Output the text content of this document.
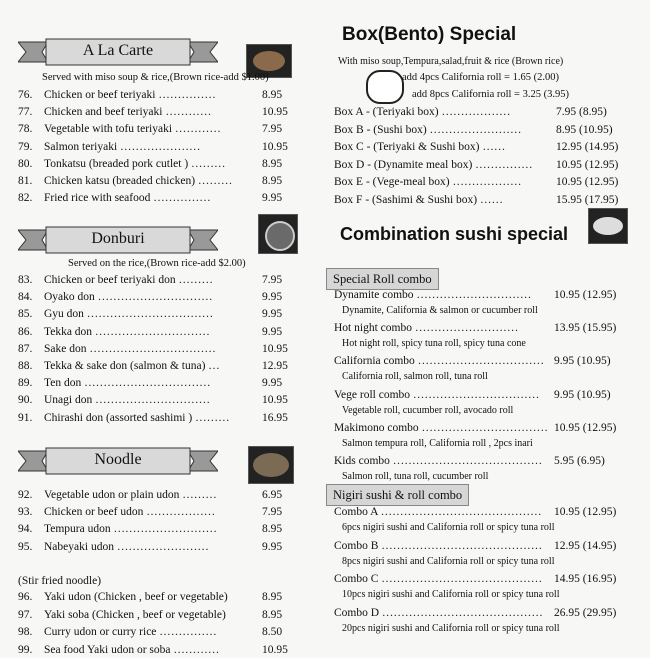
A La Carte
Served with miso soup & rice,(Brown rice-add $1.00)
76. Chicken or beef teriyaki ……………	8.95
77. Chicken and beef teriyaki …………	10.95
78. Vegetable with tofu teriyaki …………	7.95
79. Salmon teriyaki …………………	10.95
80. Tonkatsu (breaded pork cutlet ) ………	8.95
81. Chicken katsu (breaded chicken) ………	8.95
82. Fried rice with seafood ……………	9.95
Donburi
Served on the rice,(Brown rice-add $2.00)
83. Chicken or beef teriyaki don ………	7.95
84. Oyako don …………………………	9.95
85. Gyu don ……………………………	9.95
86. Tekka don …………………………	9.95
87. Sake don ……………………………	10.95
88. Tekka & sake don (salmon & tuna) …	12.95
89. Ten don ……………………………	9.95
90. Unagi don …………………………	10.95
91. Chirashi don (assorted sashimi ) ………	16.95
Noodle
92. Vegetable udon or plain udon ………	6.95
93. Chicken or beef udon ………………	7.95
94. Tempura udon ………………………	8.95
95. Nabeyaki udon ……………………	9.95
(Stir fried noodle)
96. Yaki udon (Chicken , beef or vegetable)	8.95
97. Yaki soba (Chicken , beef or vegetable)	8.95
98. Curry udon or curry rice ……………	8.50
99. Sea food Yaki udon or soba …………	10.95
Box(Bento) Special
With miso soup,Tempura,salad,fruit & rice (Brown rice)
add 4pcs California roll = 1.65 (2.00)
add 8pcs California roll = 3.25 (3.95)
Box A - (Teriyaki box) ………………	7.95 (8.95)
Box B - (Sushi box) ……………………	8.95 (10.95)
Box C - (Teriyaki & Sushi box) ……	12.95 (14.95)
Box D - (Dynamite meal box) …………… 10.95 (12.95)
Box E - (Vege-meal box) ………………	10.95 (12.95)
Box F - (Sashimi & Sushi box) ……	15.95 (17.95)
Combination sushi special
Special Roll combo
Dynamite combo ………………………… 10.95 (12.95)
Dynamite, California & salmon or cucumber roll
Hot night combo ………………………	13.95 (15.95)
Hot night roll, spicy tuna roll, spicy tuna cone
California combo …………………………… 9.95 (10.95)
California roll, salmon roll, tuna roll
Vege roll combo …………………………… 9.95 (10.95)
Vegetable roll, cucumber roll, avocado roll
Makimono combo …………………………… 10.95 (12.95)
Salmon tempura roll, California roll , 2pcs inari
Kids combo ………………………………… 5.95 (6.95)
Salmon roll, tuna roll, cucumber roll
Nigiri sushi & roll combo
Combo A …………………………………… 10.95 (12.95)
6pcs nigiri sushi and California roll or spicy tuna roll
Combo B …………………………………… 12.95 (14.95)
8pcs nigiri sushi and California roll or spicy tuna roll
Combo C …………………………………… 14.95 (16.95)
10pcs nigiri sushi and California roll or spicy tuna roll
Combo D …………………………………… 26.95 (29.95)
20pcs nigiri sushi and California roll or spicy tuna roll
